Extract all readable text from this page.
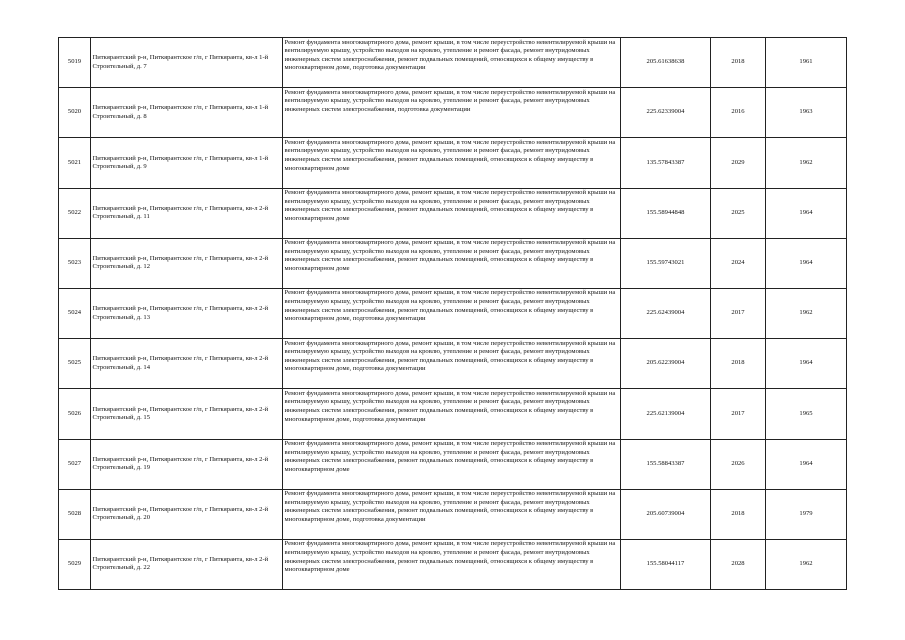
5019	Питкярантский р-н, Питкярантское г/п, г Питкяранта, кв-л 1-й Строительный, д. 7	Ремонт фундамента многоквартирного дома, ремонт крыши, в том числе переустройство невентилируемой крыши на вентилируемую крышу, устройство выходов на кровлю, утепление и ремонт фасада, ремонт внутридомовых инженерных систем электроснабжения, ремонт подвальных помещений, относящихся к общему имуществу в многоквартирном доме, подготовка документации	205.61638638	2018	1961

5020	Питкярантский р-н, Питкярантское г/п, г Питкяранта, кв-л 1-й Строительный, д. 8	Ремонт фундамента многоквартирного дома, ремонт крыши, в том числе переустройство невентилируемой крыши на вентилируемую крышу, устройство выходов на кровлю, утепление и ремонт фасада, ремонт внутридомовых инженерных систем электроснабжения, подготовка документации	225.62339004	2016	1963

5021	Питкярантский р-н, Питкярантское г/п, г Питкяранта, кв-л 1-й Строительный, д. 9	Ремонт фундамента многоквартирного дома, ремонт крыши, в том числе переустройство невентилируемой крыши на вентилируемую крышу, устройство выходов на кровлю, утепление и ремонт фасада, ремонт внутридомовых инженерных систем электроснабжения, ремонт подвальных помещений, относящихся к общему имуществу в многоквартирном доме	135.57843387	2029	1962

5022	Питкярантский р-н, Питкярантское г/п, г Питкяранта, кв-л 2-й Строительный, д. 11	Ремонт фундамента многоквартирного дома, ремонт крыши, в том числе переустройство невентилируемой крыши на вентилируемую крышу, устройство выходов на кровлю, утепление и ремонт фасада, ремонт внутридомовых инженерных систем электроснабжения, ремонт подвальных помещений, относящихся к общему имуществу в многоквартирном доме	155.58944848	2025	1964

5023	Питкярантский р-н, Питкярантское г/п, г Питкяранта, кв-л 2-й Строительный, д. 12	Ремонт фундамента многоквартирного дома, ремонт крыши, в том числе переустройство невентилируемой крыши на вентилируемую крышу, устройство выходов на кровлю, утепление и ремонт фасада, ремонт внутридомовых инженерных систем электроснабжения, ремонт подвальных помещений, относящихся к общему имуществу в многоквартирном доме	155.59743021	2024	1964

5024	Питкярантский р-н, Питкярантское г/п, г Питкяранта, кв-л 2-й Строительный, д. 13	Ремонт фундамента многоквартирного дома, ремонт крыши, в том числе переустройство невентилируемой крыши на вентилируемую крышу, устройство выходов на кровлю, утепление и ремонт фасада, ремонт внутридомовых инженерных систем электроснабжения, ремонт подвальных помещений, относящихся к общему имуществу в многоквартирном доме, подготовка документации	225.62439004	2017	1962

5025	Питкярантский р-н, Питкярантское г/п, г Питкяранта, кв-л 2-й Строительный, д. 14	Ремонт фундамента многоквартирного дома, ремонт крыши, в том числе переустройство невентилируемой крыши на вентилируемую крышу, устройство выходов на кровлю, утепление и ремонт фасада, ремонт внутридомовых инженерных систем электроснабжения, ремонт подвальных помещений, относящихся к общему имуществу в многоквартирном доме, подготовка документации	205.62239004	2018	1964

5026	Питкярантский р-н, Питкярантское г/п, г Питкяранта, кв-л 2-й Строительный, д. 15	Ремонт фундамента многоквартирного дома, ремонт крыши, в том числе переустройство невентилируемой крыши на вентилируемую крышу, устройство выходов на кровлю, утепление и ремонт фасада, ремонт внутридомовых инженерных систем электроснабжения, ремонт подвальных помещений, относящихся к общему имуществу в многоквартирном доме, подготовка документации	225.62139004	2017	1965

5027	Питкярантский р-н, Питкярантское г/п, г Питкяранта, кв-л 2-й Строительный, д. 19	Ремонт фундамента многоквартирного дома, ремонт крыши, в том числе переустройство невентилируемой крыши на вентилируемую крышу, устройство выходов на кровлю, утепление и ремонт фасада, ремонт внутридомовых инженерных систем электроснабжения, ремонт подвальных помещений, относящихся к общему имуществу в многоквартирном доме	155.58843387	2026	1964

5028	Питкярантский р-н, Питкярантское г/п, г Питкяранта, кв-л 2-й Строительный, д. 20	Ремонт фундамента многоквартирного дома, ремонт крыши, в том числе переустройство невентилируемой крыши на вентилируемую крышу, устройство выходов на кровлю, утепление и ремонт фасада, ремонт внутридомовых инженерных систем электроснабжения, ремонт подвальных помещений, относящихся к общему имуществу в многоквартирном доме, подготовка документации	205.60739004	2018	1979

5029	Питкярантский р-н, Питкярантское г/п, г Питкяранта, кв-л 2-й Строительный, д. 22	Ремонт фундамента многоквартирного дома, ремонт крыши, в том числе переустройство невентилируемой крыши на вентилируемую крышу, устройство выходов на кровлю, утепление и ремонт фасада, ремонт внутридомовых инженерных систем электроснабжения, ремонт подвальных помещений, относящихся к общему имуществу в многоквартирном доме	155.58044117	2028	1962
